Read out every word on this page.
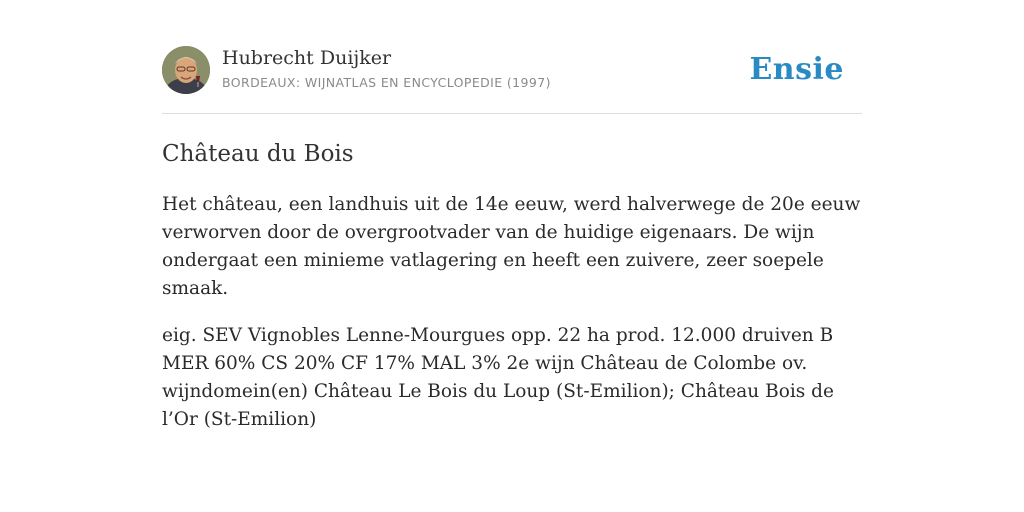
Hubrecht Duijker
BORDEAUX: WIJNATLAS EN ENCYCLOPEDIE (1997)	Ensie
Château du Bois

Het château, een landhuis uit de 14e eeuw, werd halverwege de 20e eeuw verworven door de overgrootvader van de huidige eigenaars. De wijn ondergaat een minieme vatlagering en heeft een zuivere, zeer soepele smaak.

eig. SEV Vignobles Lenne-Mourgues opp. 22 ha prod. 12.000 druiven B MER 60% CS 20% CF 17% MAL 3% 2e wijn Château de Colombe ov. wijndomein(en) Château Le Bois du Loup (St-Emilion); Château Bois de l’Or (St-Emilion)
